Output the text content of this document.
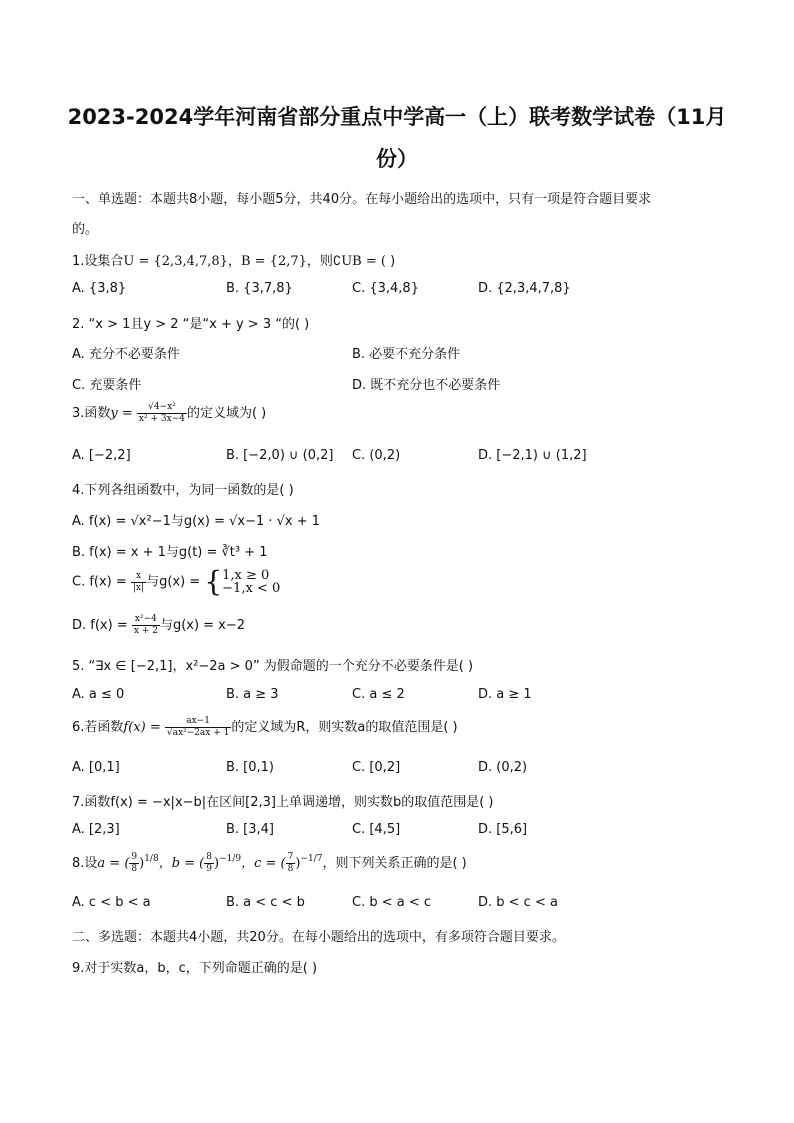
2023-2024学年河南省部分重点中学高一（上）联考数学试卷（11月
份）
一、单选题：本题共8小题，每小题5分，共40分。在每小题给出的选项中，只有一项是符合题目要求
的。
1.设集合U = {2,3,4,7,8}，B = {2,7}，则∁UB = ( )
A. {3,8}	B. {3,7,8}	C. {3,4,8}	D. {2,3,4,7,8}
2. “x > 1且y > 2 “是“x + y > 3 “的( )
A. 充分不必要条件	B. 必要不充分条件
C. 充要条件	D. 既不充分也不必要条件
3.函数$y = \frac{\text{√4−x²}}{\text{x² + 3x−4}}$ 的定义域为( )
A. [−2,2]	B. [−2,0) ∪ (0,2] C. (0,2)	D. [−2,1) ∪ (1,2]
4.下列各组函数中，为同一函数的是( )
A. f(x) = √x²−1与g(x) = √x−1 · √x + 1
B. f(x) = x + 1与g(t) = ∛t³ + 1
C. $f(x) = \frac{x}{|x|}$ 与g(x) = { 1,x ≥ 0
−1,x < 0
D. $f(x) = \frac{\text{x²−4}}{x + 2}$ 与g(x) = x−2
5. “∃x ∈ [−2,1]，x²−2a > 0” 为假命题的一个充分不必要条件是( )
A. a ≤ 0	B. a ≥ 3	C. a ≤ 2	D. a ≥ 1
6.若函数$f(x) = \frac{ax-1}{\text{√ax²−2ax + 1}}$ 的定义域为R，则实数a的取值范围是( )
A. [0,1]	B. [0,1)	C. [0,2]	D. (0,2)
7.函数f(x) = −x|x−b|在区间[2,3]上单调递增，则实数b的取值范围是( )
A. [2,3]	B. [3,4]	C. [4,5]	D. [5,6]
8.设a = ( $\frac{9}{8} )^{1/8}$，b = ( $\frac{8}{9} )^{-1/9}$，c = ( $\frac{7}{8} )^{-1/7}$，则下列关系正确的是( )
A. c < b < a	B. a < c < b	C. b < a < c	D. b < c < a
二、多选题：本题共4小题，共20分。在每小题给出的选项中，有多项符合题目要求。
9.对于实数a，b，c，下列命题正确的是( )
